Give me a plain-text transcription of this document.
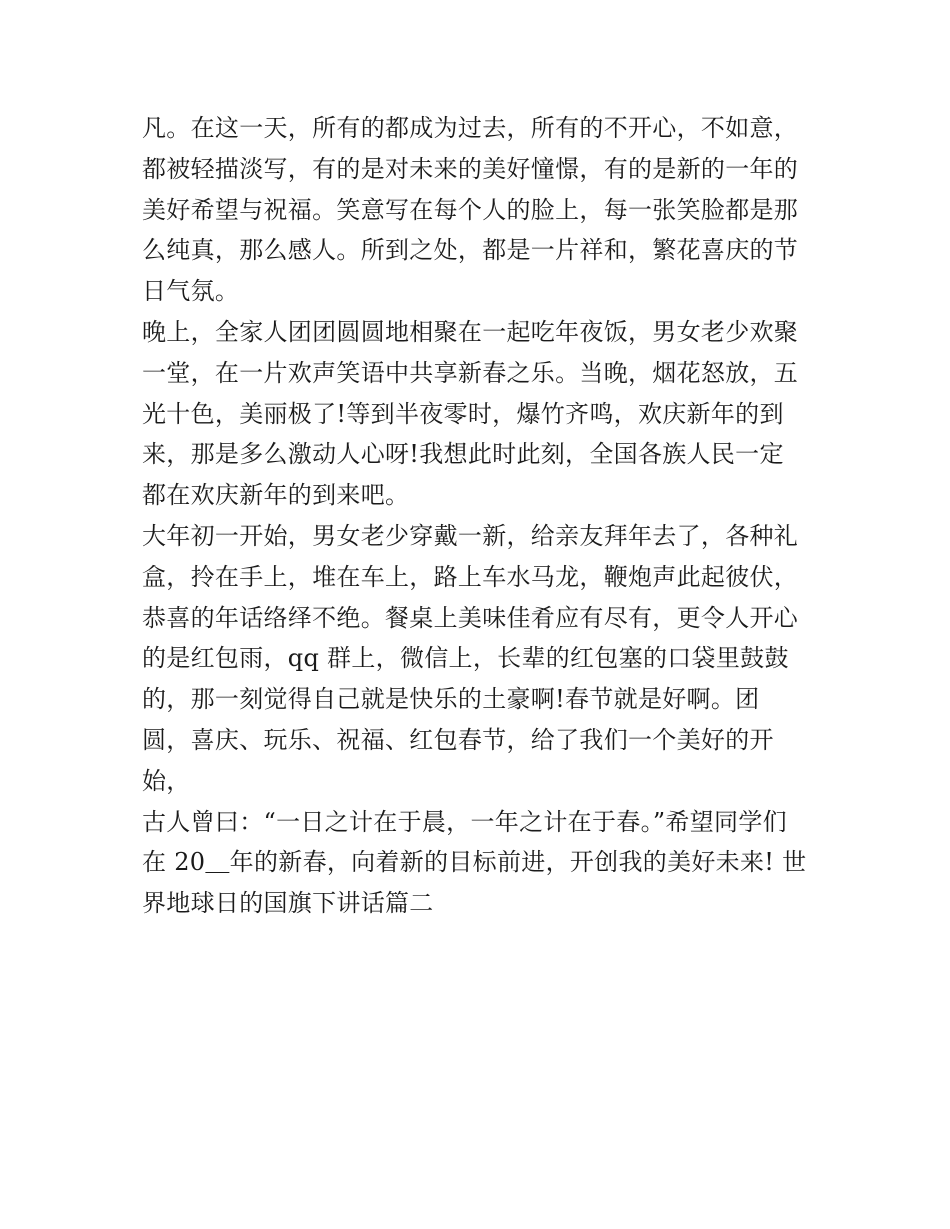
凡。在这一天，所有的都成为过去，所有的不开心，不如意，
都被轻描淡写，有的是对未来的美好憧憬，有的是新的一年的
美好希望与祝福。笑意写在每个人的脸上，每一张笑脸都是那
么纯真，那么感人。所到之处，都是一片祥和，繁花喜庆的节
日气氛。
晚上，全家人团团圆圆地相聚在一起吃年夜饭，男女老少欢聚
一堂，在一片欢声笑语中共享新春之乐。当晚，烟花怒放，五
光十色，美丽极了!等到半夜零时，爆竹齐鸣，欢庆新年的到
来，那是多么激动人心呀!我想此时此刻，全国各族人民一定
都在欢庆新年的到来吧。
大年初一开始，男女老少穿戴一新，给亲友拜年去了，各种礼
盒，拎在手上，堆在车上，路上车水马龙，鞭炮声此起彼伏，
恭喜的年话络绎不绝。餐桌上美味佳肴应有尽有，更令人开心
的是红包雨，qq 群上，微信上，长辈的红包塞的口袋里鼓鼓
的，那一刻觉得自己就是快乐的土豪啊!春节就是好啊。团
圆，喜庆、玩乐、祝福、红包春节，给了我们一个美好的开
始，
古人曾曰：“一日之计在于晨，一年之计在于春。”希望同学们
在 20＿年的新春，向着新的目标前进，开创我的美好未来! 世
界地球日的国旗下讲话篇二
